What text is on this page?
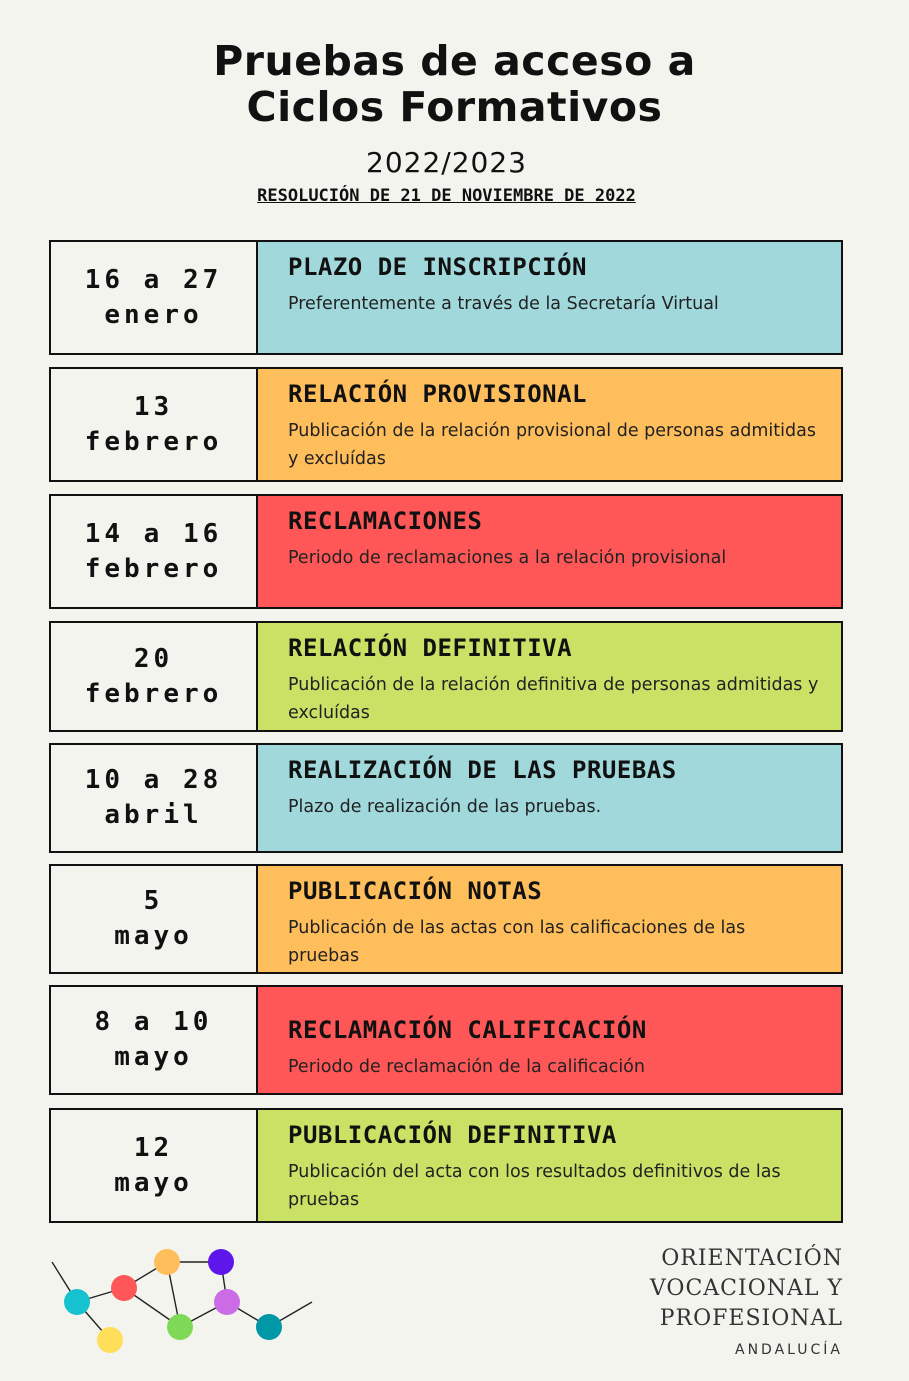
Pruebas de acceso a
Ciclos Formativos
2022/2023
RESOLUCIÓN DE 21 DE NOVIEMBRE DE 2022
16 a 27
enero
PLAZO DE INSCRIPCIÓN

Preferentemente a través de la Secretaría Virtual

13
febrero
RELACIÓN PROVISIONAL

Publicación de la relación provisional de personas admitidas y excluídas

14 a 16
febrero
RECLAMACIONES

Periodo de reclamaciones a la relación provisional

20
febrero
RELACIÓN DEFINITIVA

Publicación de la relación definitiva de personas admitidas y excluídas

10 a 28
abril
REALIZACIÓN DE LAS PRUEBAS

Plazo de realización de las pruebas.

5
mayo
PUBLICACIÓN NOTAS

Publicación de las actas con las calificaciones de las pruebas

8 a 10
mayo
RECLAMACIÓN CALIFICACIÓN

Periodo de reclamación de la calificación

12
mayo
PUBLICACIÓN DEFINITIVA

Publicación del acta con los resultados definitivos de las pruebas

ORIENTACIÓN
VOCACIONAL Y
PROFESIONAL
ANDALUCÍA
